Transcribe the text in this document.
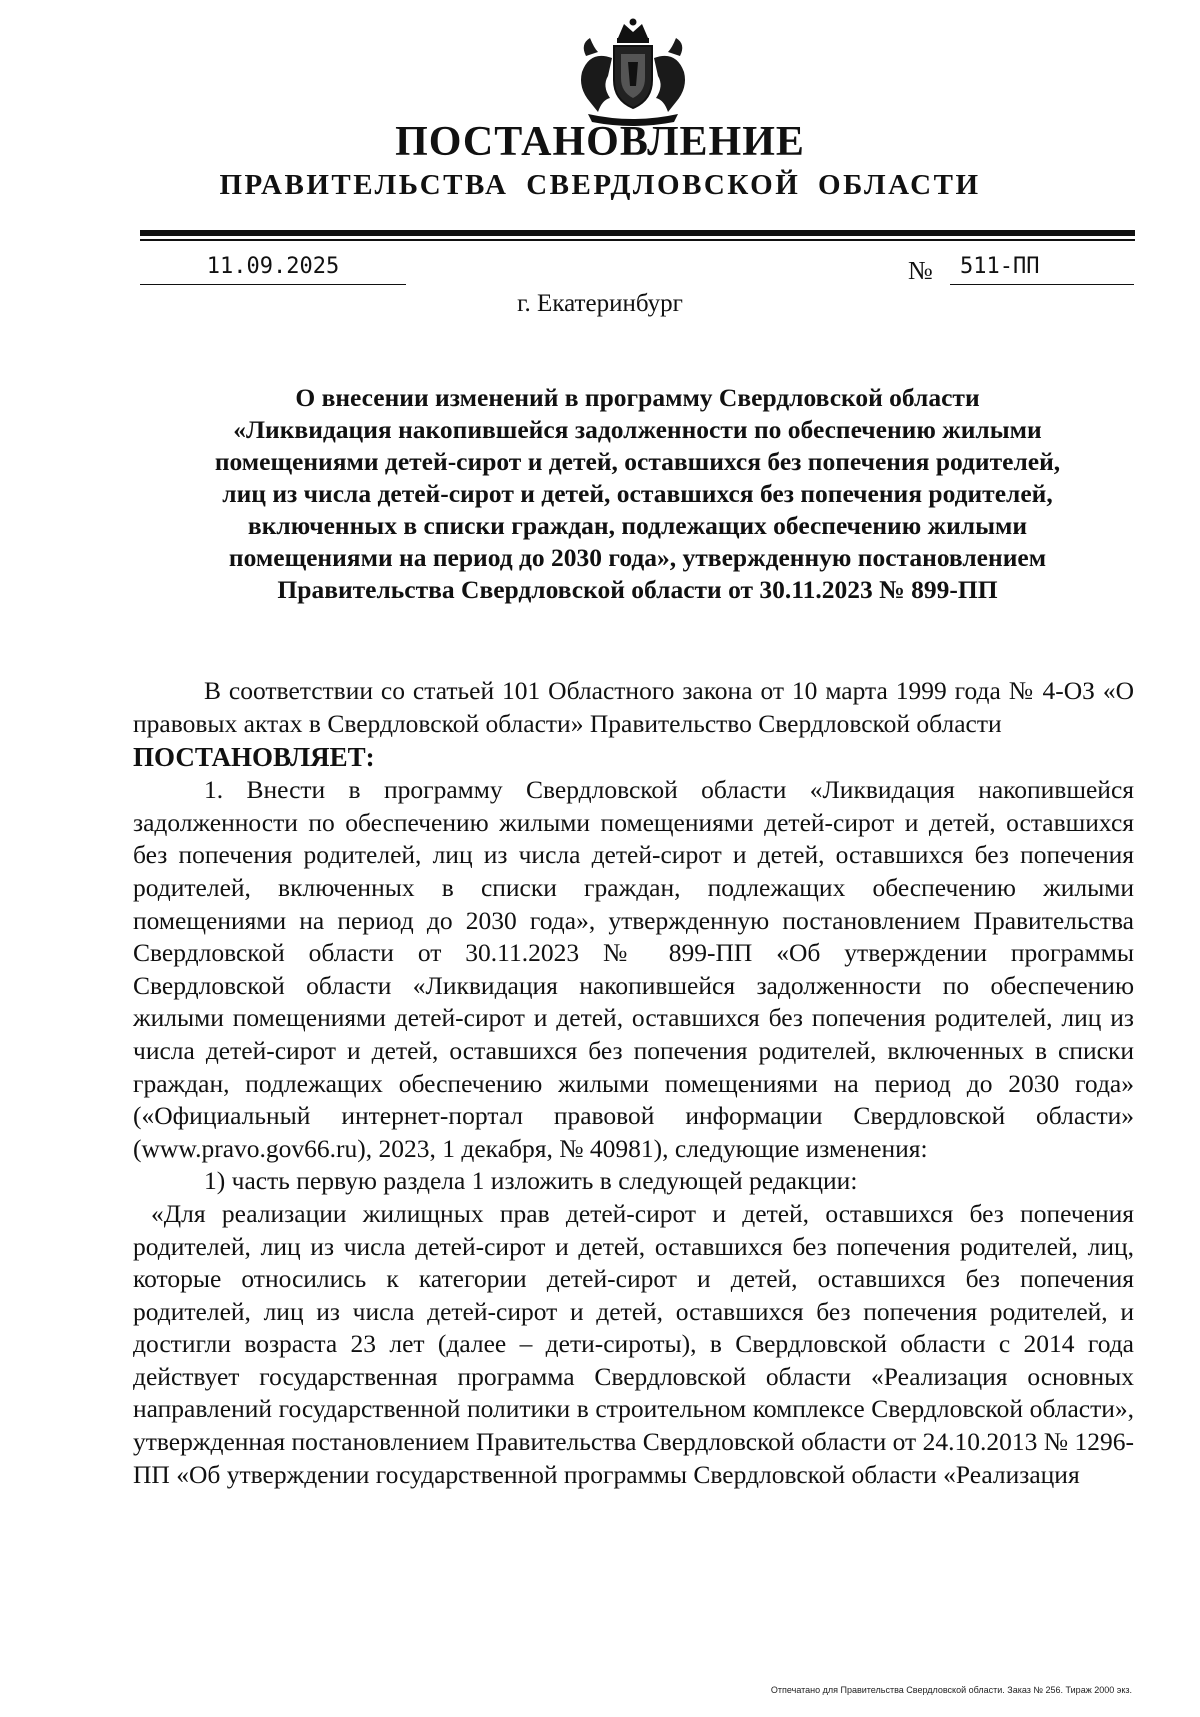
ПОСТАНОВЛЕНИЕ
ПРАВИТЕЛЬСТВА СВЕРДЛОВСКОЙ ОБЛАСТИ
11.09.2025	№	511-ПП
г. Екатеринбург
О внесении изменений в программу Свердловской области
«Ликвидация накопившейся задолженности по обеспечению жилыми
помещениями детей-сирот и детей, оставшихся без попечения родителей,
лиц из числа детей-сирот и детей, оставшихся без попечения родителей,
включенных в списки граждан, подлежащих обеспечению жилыми
помещениями на период до 2030 года», утвержденную постановлением
Правительства Свердловской области от 30.11.2023 № 899-ПП

В соответствии со статьей 101 Областного закона от 10 марта 1999 года № 4-ОЗ «О правовых актах в Свердловской области» Правительство Свердловской области

ПОСТАНОВЛЯЕТ:

1. Внести в программу Свердловской области «Ликвидация накопившейся задолженности по обеспечению жилыми помещениями детей-сирот и детей, оставшихся без попечения родителей, лиц из числа детей-сирот и детей, оставшихся без попечения родителей, включенных в списки граждан, подлежащих обеспечению жилыми помещениями на период до 2030 года», утвержденную постановлением Правительства Свердловской области от 30.11.2023 № 899-ПП «Об утверждении программы Свердловской области «Ликвидация накопившейся задолженности по обеспечению жилыми помещениями детей-сирот и детей, оставшихся без попечения родителей, лиц из числа детей-сирот и детей, оставшихся без попечения родителей, включенных в списки граждан, подлежащих обеспечению жилыми помещениями на период до 2030 года» («Официальный интернет-портал правовой информации Свердловской области» (www.pravo.gov66.ru), 2023, 1 декабря, № 40981), следующие изменения:

1) часть первую раздела 1 изложить в следующей редакции:

«Для реализации жилищных прав детей-сирот и детей, оставшихся без попечения родителей, лиц из числа детей-сирот и детей, оставшихся без попечения родителей, лиц, которые относились к категории детей-сирот и детей, оставшихся без попечения родителей, лиц из числа детей-сирот и детей, оставшихся без попечения родителей, и достигли возраста 23 лет (далее – дети-сироты), в Свердловской области с 2014 года действует государственная программа Свердловской области «Реализация основных направлений государственной политики в строительном комплексе Свердловской области», утвержденная постановлением Правительства Свердловской области от 24.10.2013 № 1296-ПП «Об утверждении государственной программы Свердловской области «Реализация

Отпечатано для Правительства Свердловской области. Заказ № 256. Тираж 2000 экз.
